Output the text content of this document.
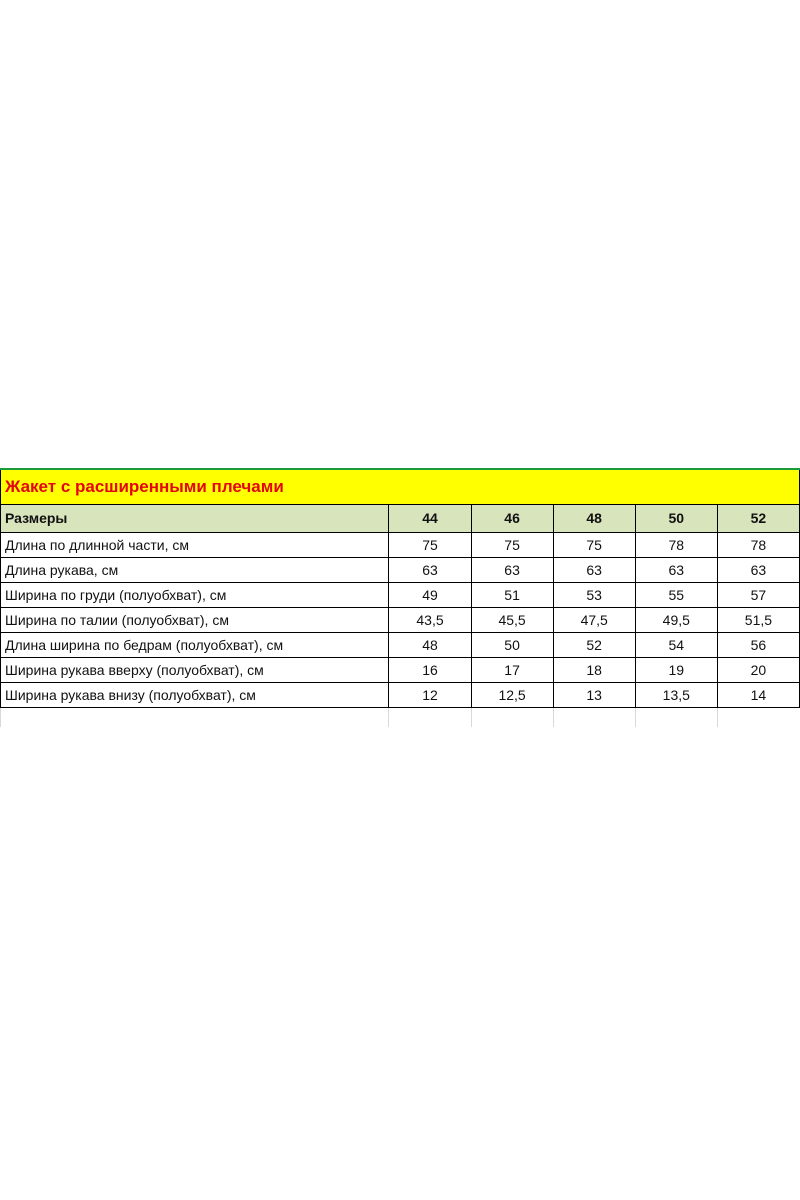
Жакет с расширенными плечами					
Размеры	44	46	48	50	52
Длина по длинной части, см	75	75	75	78	78
Длина рукава, см	63	63	63	63	63
Ширина по груди (полуобхват), см	49	51	53	55	57
Ширина по талии (полуобхват), см	43,5	45,5	47,5	49,5	51,5
Длина ширина по бедрам (полуобхват), см	48	50	52	54	56
Ширина рукава вверху (полуобхват), см	16	17	18	19	20
Ширина рукава внизу (полуобхват), см	12	12,5	13	13,5	14
